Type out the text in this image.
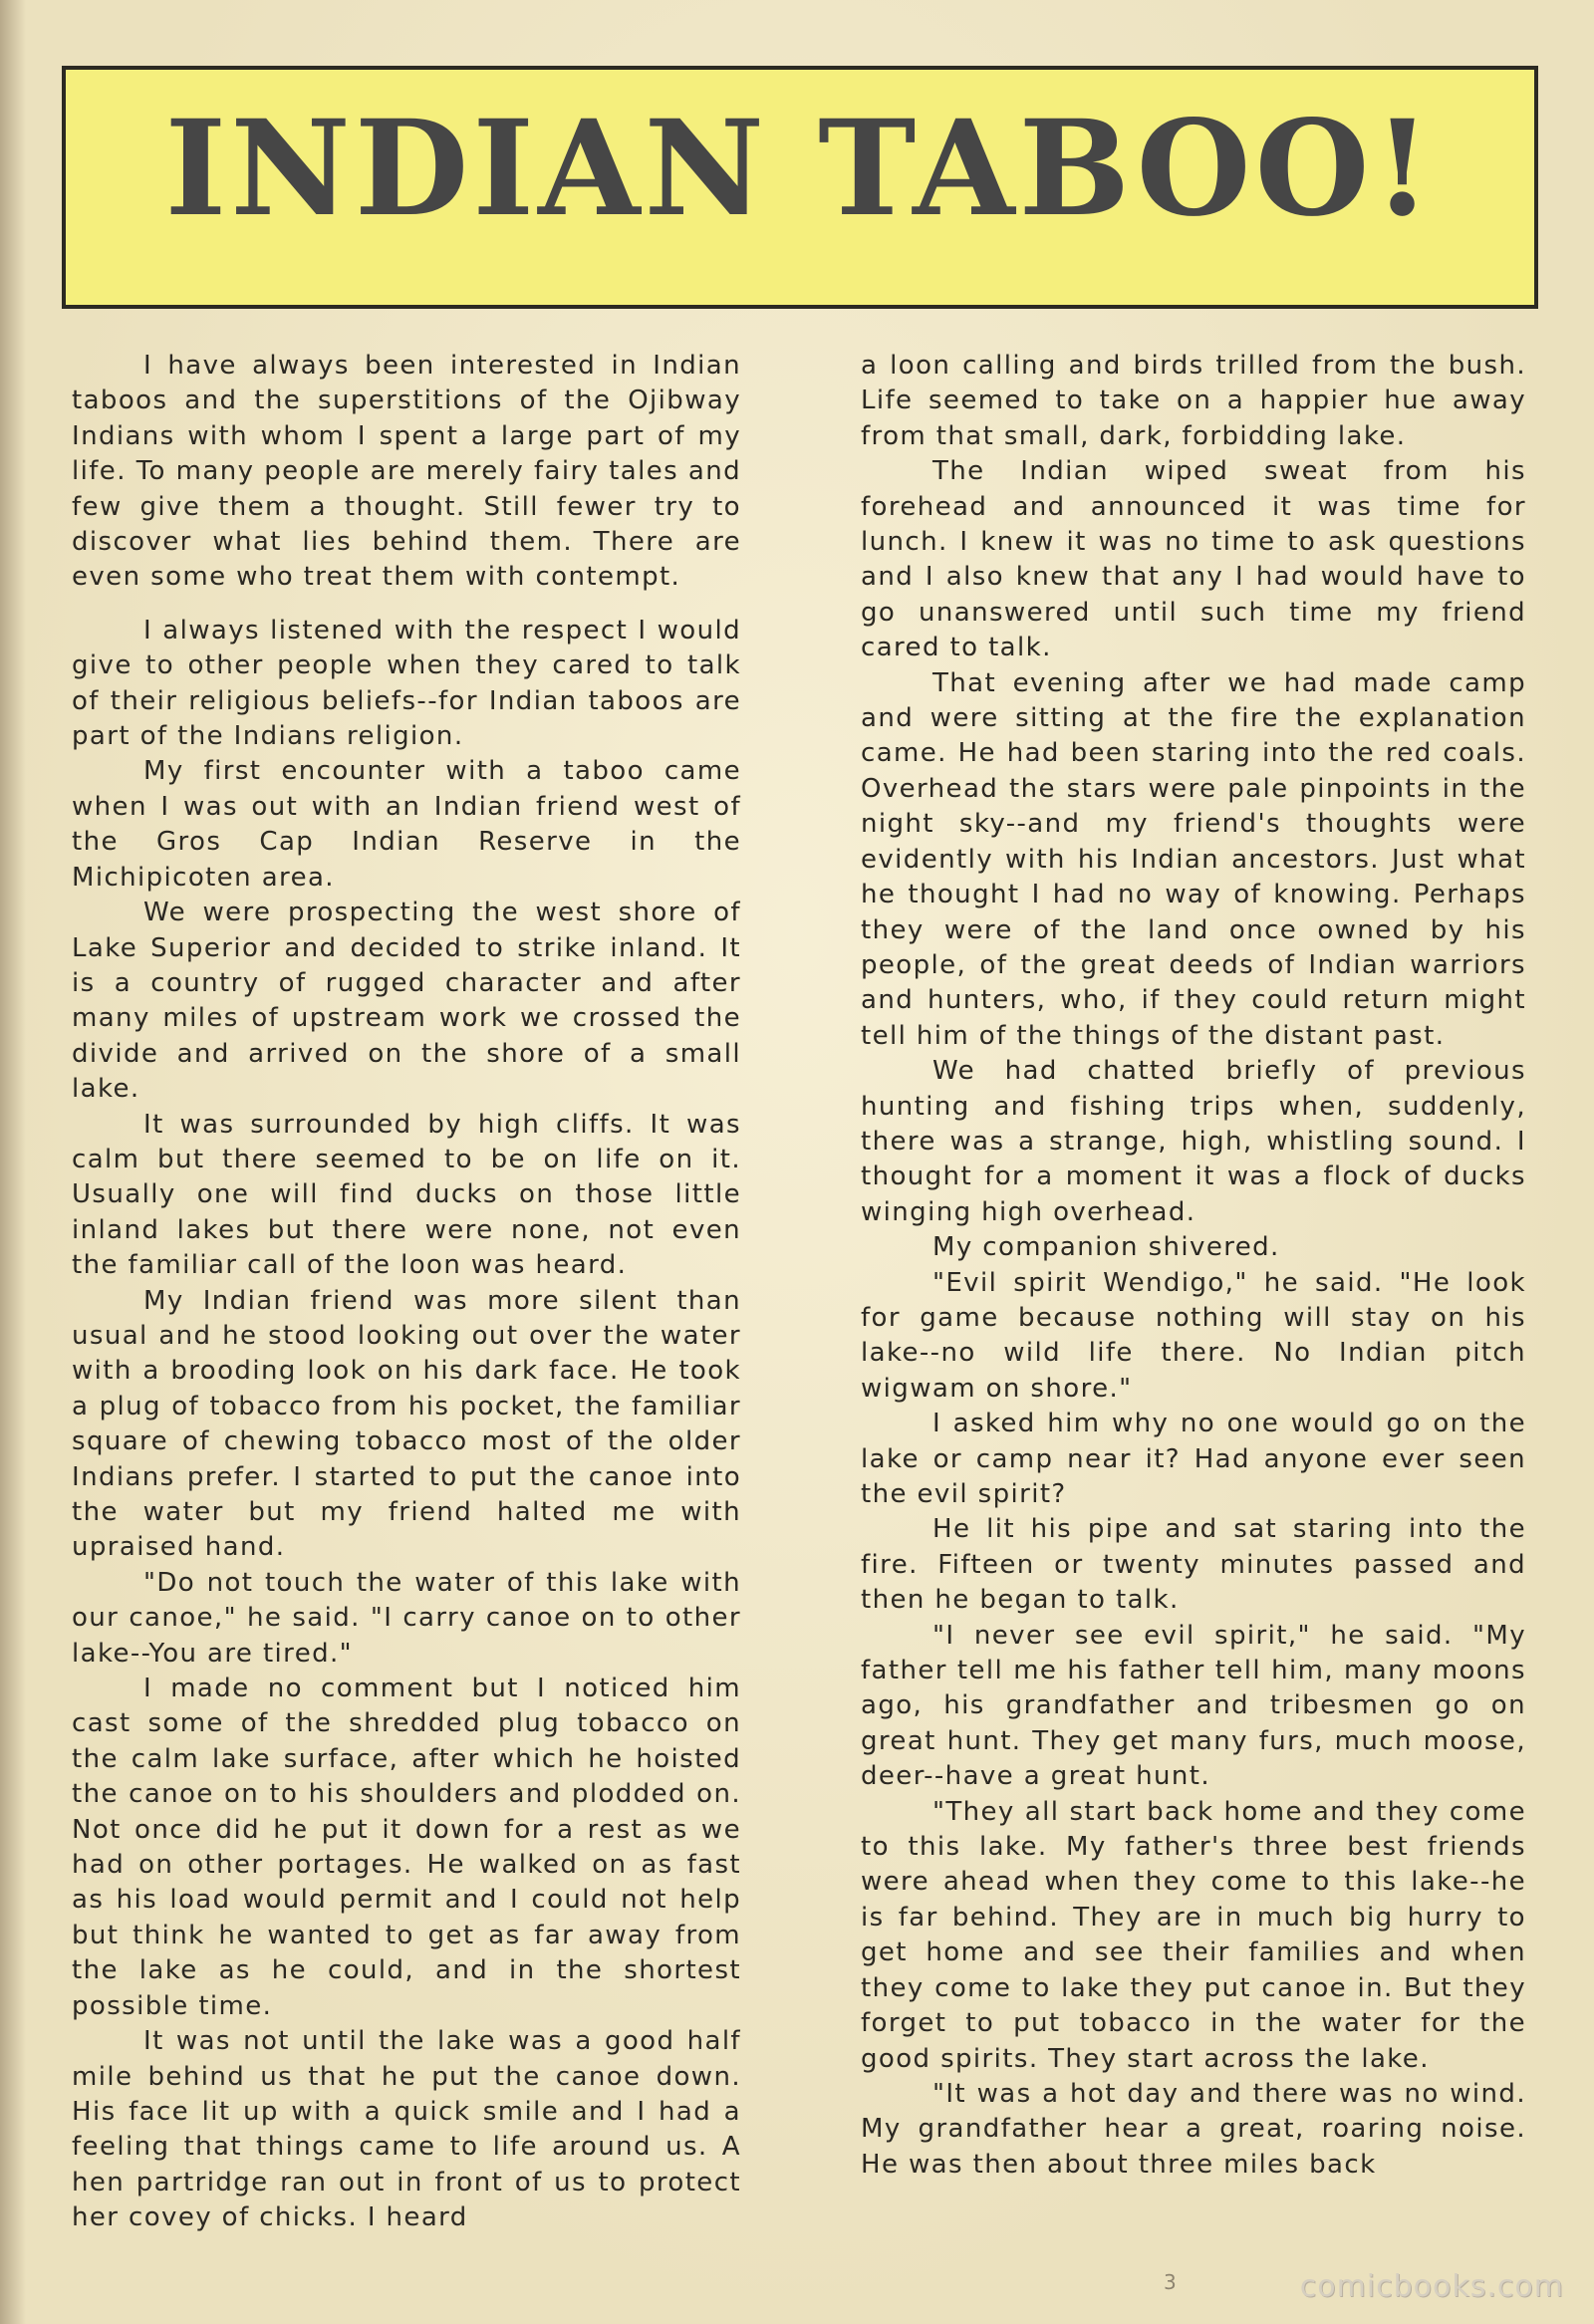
INDIAN TABOO!

I have always been interested in Indian taboos and the superstitions of the Ojibway Indians with whom I spent a large part of my life. To many people are merely fairy tales and few give them a thought. Still fewer try to discover what lies behind them. There are even some who treat them with contempt.

I always listened with the respect I would give to other people when they cared to talk of their religious beliefs--for Indian taboos are part of the Indians religion.

My first encounter with a taboo came when I was out with an Indian friend west of the Gros Cap Indian Reserve in the Michipicoten area.

We were prospecting the west shore of Lake Superior and decided to strike inland. It is a country of rugged character and after many miles of upstream work we crossed the divide and arrived on the shore of a small lake.

It was surrounded by high cliffs. It was calm but there seemed to be on life on it. Usually one will find ducks on those little inland lakes but there were none, not even the familiar call of the loon was heard.

My Indian friend was more silent than usual and he stood looking out over the water with a brooding look on his dark face. He took a plug of tobacco from his pocket, the familiar square of chewing tobacco most of the older Indians prefer. I started to put the canoe into the water but my friend halted me with upraised hand.

"Do not touch the water of this lake with our canoe," he said. "I carry canoe on to other lake--You are tired."

I made no comment but I noticed him cast some of the shredded plug tobacco on the calm lake surface, after which he hoisted the canoe on to his shoulders and plodded on. Not once did he put it down for a rest as we had on other portages. He walked on as fast as his load would permit and I could not help but think he wanted to get as far away from the lake as he could, and in the shortest possible time.

It was not until the lake was a good half mile behind us that he put the canoe down. His face lit up with a quick smile and I had a feeling that things came to life around us. A hen partridge ran out in front of us to protect her covey of chicks. I heard

a loon calling and birds trilled from the bush. Life seemed to take on a happier hue away from that small, dark, forbidding lake.

The Indian wiped sweat from his forehead and announced it was time for lunch. I knew it was no time to ask questions and I also knew that any I had would have to go unanswered until such time my friend cared to talk.

That evening after we had made camp and were sitting at the fire the explanation came. He had been staring into the red coals. Overhead the stars were pale pinpoints in the night sky--and my friend's thoughts were evidently with his Indian ancestors. Just what he thought I had no way of knowing. Perhaps they were of the land once owned by his people, of the great deeds of Indian warriors and hunters, who, if they could return might tell him of the things of the distant past.

We had chatted briefly of previous hunting and fishing trips when, suddenly, there was a strange, high, whistling sound. I thought for a moment it was a flock of ducks winging high overhead.

My companion shivered.

"Evil spirit Wendigo," he said. "He look for game because nothing will stay on his lake--no wild life there. No Indian pitch wigwam on shore."

I asked him why no one would go on the lake or camp near it? Had anyone ever seen the evil spirit?

He lit his pipe and sat staring into the fire. Fifteen or twenty minutes passed and then he began to talk.

"I never see evil spirit," he said. "My father tell me his father tell him, many moons ago, his grandfather and tribesmen go on great hunt. They get many furs, much moose, deer--have a great hunt.

"They all start back home and they come to this lake. My father's three best friends were ahead when they come to this lake--he is far behind. They are in much big hurry to get home and see their families and when they come to lake they put canoe in. But they forget to put tobacco in the water for the good spirits. They start across the lake.

"It was a hot day and there was no wind. My grandfather hear a great, roaring noise. He was then about three miles back

3	comicbooks.com
